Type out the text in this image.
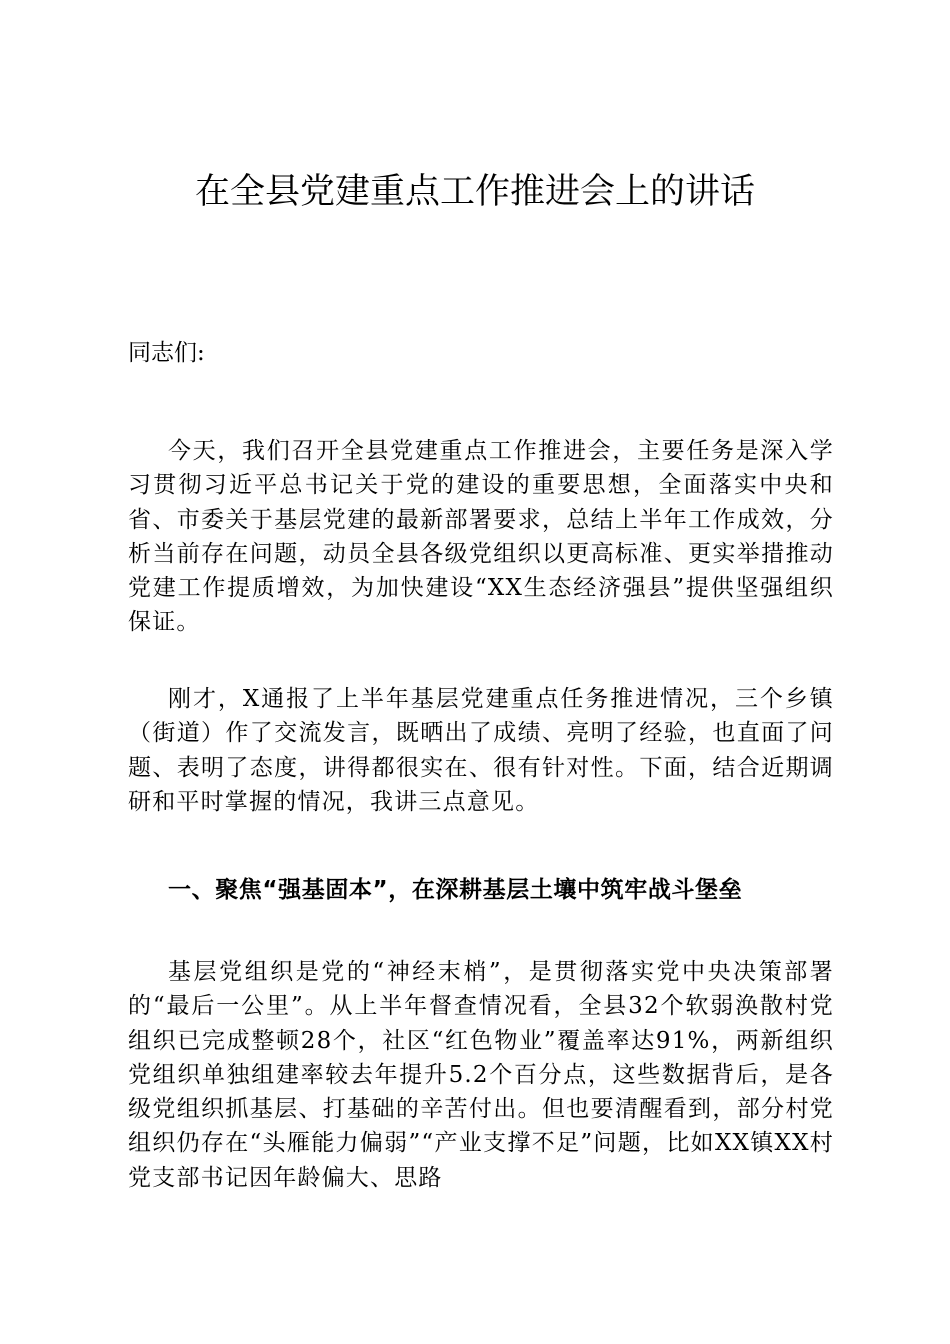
在全县党建重点工作推进会上的讲话

同志们:

今天，我们召开全县党建重点工作推进会，主要任务是深入学习贯彻习近平总书记关于党的建设的重要思想，全面落实中央和省、市委关于基层党建的最新部署要求，总结上半年工作成效，分析当前存在问题，动员全县各级党组织以更高标准、更实举措推动党建工作提质增效，为加快建设“XX生态经济强县”提供坚强组织保证。

刚才，X通报了上半年基层党建重点任务推进情况，三个乡镇（街道）作了交流发言，既晒出了成绩、亮明了经验，也直面了问题、表明了态度，讲得都很实在、很有针对性。下面，结合近期调研和平时掌握的情况，我讲三点意见。

一、聚焦“强基固本”，在深耕基层土壤中筑牢战斗堡垒

基层党组织是党的“神经末梢”，是贯彻落实党中央决策部署的“最后一公里”。从上半年督查情况看，全县32个软弱涣散村党组织已完成整顿28个，社区“红色物业”覆盖率达91%，两新组织党组织单独组建率较去年提升5.2个百分点，这些数据背后，是各级党组织抓基层、打基础的辛苦付出。但也要清醒看到，部分村党组织仍存在“头雁能力偏弱”“产业支撑不足”问题，比如XX镇XX村党支部书记因年龄偏大、思路
